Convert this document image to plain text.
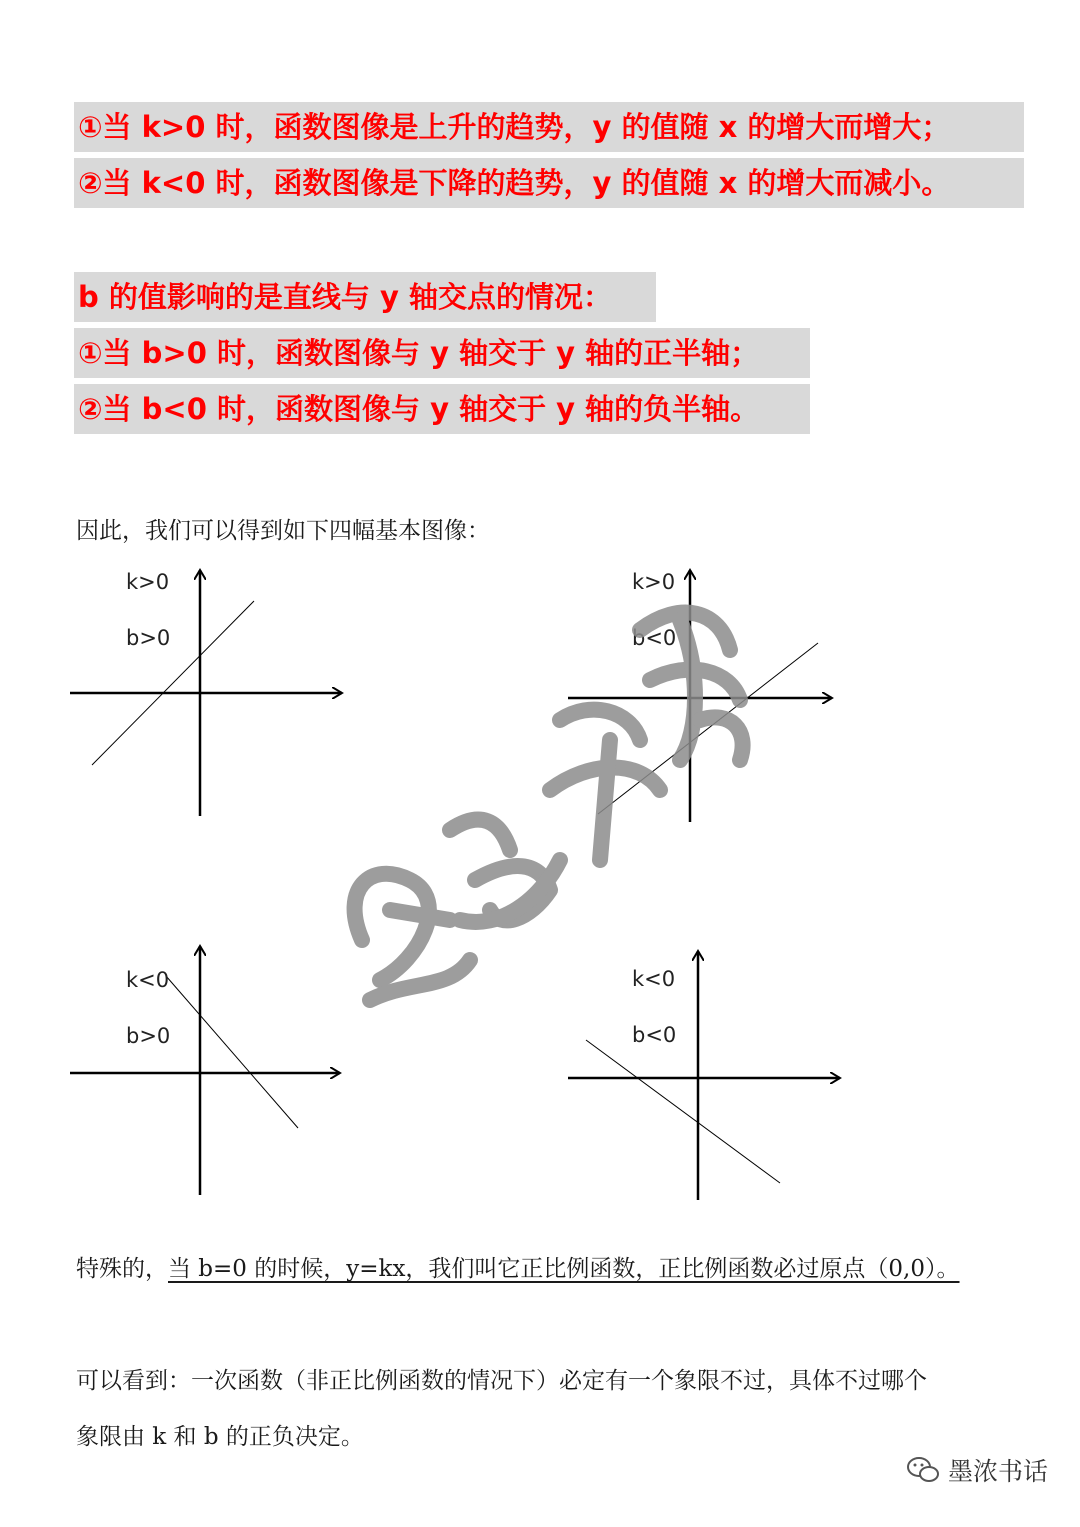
①当 k>0 时，函数图像是上升的趋势，y 的值随 x 的增大而增大；
②当 k<0 时，函数图像是下降的趋势，y 的值随 x 的增大而减小。
b 的值影响的是直线与 y 轴交点的情况：
①当 b>0 时，函数图像与 y 轴交于 y 轴的正半轴；
②当 b<0 时，函数图像与 y 轴交于 y 轴的负半轴。
因此，我们可以得到如下四幅基本图像：
k>0
b>0
k>0
b<0
k<0
b>0
k<0
b<0
特殊的，当 b=0 的时候，y=kx，我们叫它正比例函数，正比例函数必过原点（0,0）。
可以看到：一次函数（非正比例函数的情况下）必定有一个象限不过，具体不过哪个
象限由 k 和 b 的正负决定。
墨浓书话
